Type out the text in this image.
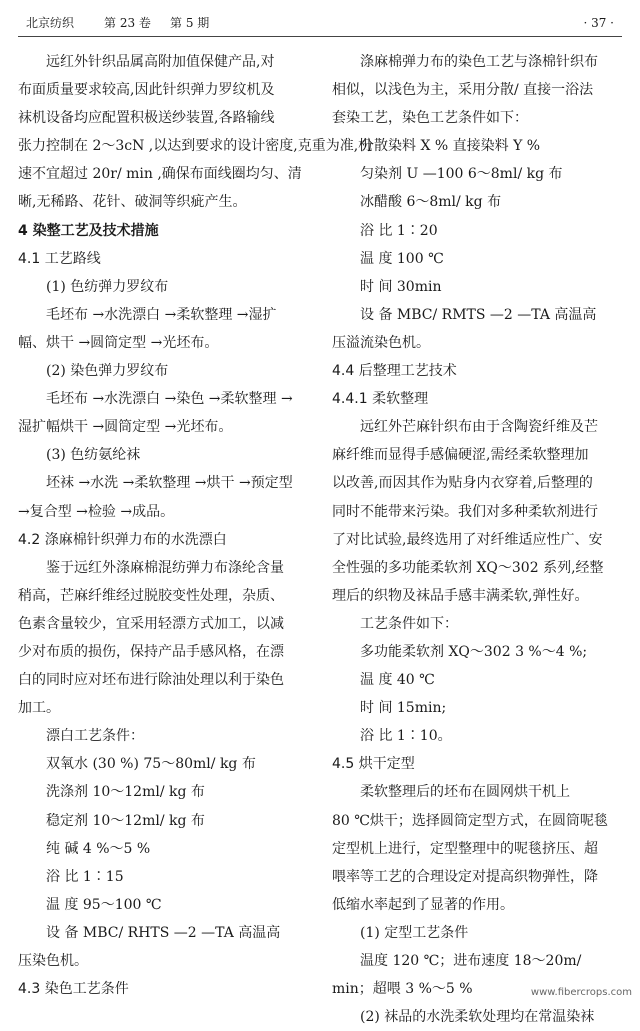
北京纺织 第 23 卷 第 5 期	· 37 ·
远红外针织品属高附加值保健产品,对
布面质量要求较高,因此针织弹力罗纹机及
袜机设备均应配置积极送纱装置,各路输线
张力控制在 2～3cN ,以达到要求的设计密度,克重为准,机
速不宜超过 20r/ min ,确保布面线圈均匀、清
晰,无稀路、花针、破洞等织疵产生。
4 染整工艺及技术措施
4.1 工艺路线
(1) 色纺弹力罗纹布
毛坯布 →水洗漂白 →柔软整理 →湿扩
幅、烘干 →圆筒定型 →光坯布。
(2) 染色弹力罗纹布
毛坯布 →水洗漂白 →染色 →柔软整理 →
湿扩幅烘干 →圆筒定型 →光坯布。
(3) 色纺氨纶袜
坯袜 →水洗 →柔软整理 →烘干 →预定型
→复合型 →检验 →成品。
4.2 涤麻棉针织弹力布的水洗漂白
鉴于远红外涤麻棉混纺弹力布涤纶含量
稍高，芒麻纤维经过脱胶变性处理，杂质、
色素含量较少，宜采用轻漂方式加工，以减
少对布质的损伤，保持产品手感风格，在漂
白的同时应对坯布进行除油处理以利于染色
加工。
漂白工艺条件：
双氧水 (30 %) 75～80ml/ kg 布
洗涤剂 10～12ml/ kg 布
稳定剂 10～12ml/ kg 布
纯 碱 4 %～5 %
浴 比 1∶15
温 度 95～100 ℃
设 备 MBC/ RHTS —2 —TA 高温高
压染色机。
4.3 染色工艺条件
涤麻棉弹力布的染色工艺与涤棉针织布
相似，以浅色为主，采用分散/ 直接一浴法
套染工艺，染色工艺条件如下：
分散染料 X % 直接染料 Y %
匀染剂 U —100 6～8ml/ kg 布
冰醋酸 6～8ml/ kg 布
浴 比 1∶20
温 度 100 ℃
时 间 30min
设 备 MBC/ RMTS —2 —TA 高温高
压溢流染色机。
4.4 后整理工艺技术
4.4.1 柔软整理
远红外芒麻针织布由于含陶瓷纤维及芒
麻纤维而显得手感偏硬涩,需经柔软整理加
以改善,而因其作为贴身内衣穿着,后整理的
同时不能带来污染。我们对多种柔软剂进行
了对比试验,最终选用了对纤维适应性广、安
全性强的多功能柔软剂 XQ～302 系列,经整
理后的织物及袜品手感丰满柔软,弹性好。
工艺条件如下：
多功能柔软剂 XQ～302 3 %～4 %;
温 度 40 ℃
时 间 15min;
浴 比 1∶10。
4.5 烘干定型
柔软整理后的坯布在圆网烘干机上
80 ℃烘干；选择圆筒定型方式，在圆筒呢毯
定型机上进行，定型整理中的呢毯挤压、超
喂率等工艺的合理设定对提高织物弹性，降
低缩水率起到了显著的作用。
(1) 定型工艺条件
温度 120 ℃；进布速度 18～20m/
min；超喂 3 %～5 %
(2) 袜品的水洗柔软处理均在常温染袜
www.fibercrops.com
